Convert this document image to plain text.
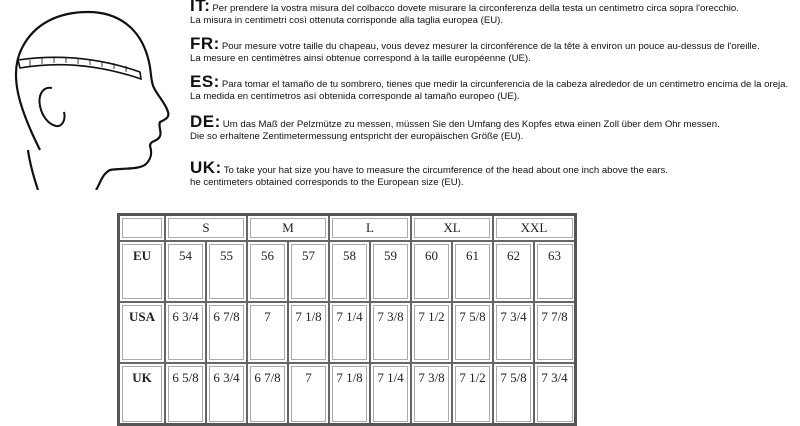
IT: Per prendere la vostra misura del colbacco dovete misurare la circonferenza della testa un centimetro circa sopra l'orecchio.
La misura in centimetri così ottenuta corrisponde alla taglia europea (EU).
FR: Pour mesure votre taille du chapeau, vous devez mesurer la circonférence de la tête à environ un pouce au-dessus de l'oreille.
La mesure en centimètres ainsi obtenue correspond à la taille européenne (UE).
ES: Para tomar el tamaño de tu sombrero, tienes que medir la circunferencia de la cabeza alrededor de un centimetro encima de la oreja.
La medida en centímetros así obtenida corresponde al tamaño europeo (UE).
DE: Um das Maß der Pelzmütze zu messen, müssen Sie den Umfang des Kopfes etwa einen Zoll über dem Ohr messen.
Die so erhaltene Zentimetermessung entspricht der europäischen Größe (EU).
UK: To take your hat size you have to measure the circumference of the head about one inch above the ears.
he centimeters obtained corresponds to the European size (EU).
	S		M		L		XL		XXL	
EU	54	55	56	57	58	59	60	61	62	63
USA	6 3/4	6 7/8	7	7 1/8	7 1/4	7 3/8	7 1/2	7 5/8	7 3/4	7 7/8
UK	6 5/8	6 3/4	6 7/8	7	7 1/8	7 1/4	7 3/8	7 1/2	7 5/8	7 3/4
